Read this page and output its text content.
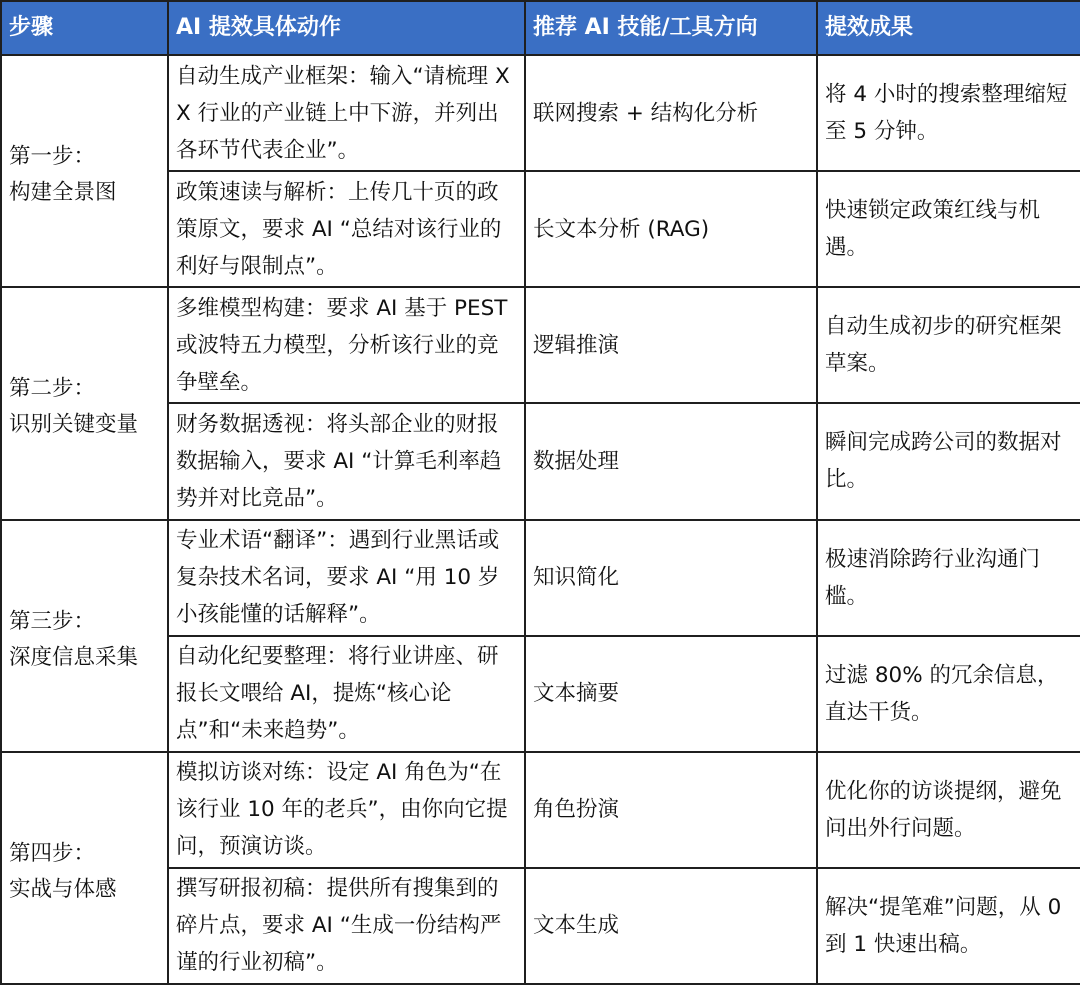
步骤	AI 提效具体动作	推荐 AI 技能/工具方向	提效成果

第一步：
构建全景图	自动生成产业框架：输入“请梳理 XX 行业的产业链上中下游，并列出各环节代表企业”。	联网搜索 + 结构化分析	将 4 小时的搜索整理缩短至 5 分钟。
	政策速读与解析：上传几十页的政策原文，要求 AI “总结对该行业的利好与限制点”。	长文本分析 (RAG)	快速锁定政策红线与机遇。

第二步：
识别关键变量	多维模型构建：要求 AI 基于 PEST 或波特五力模型，分析该行业的竞争壁垒。	逻辑推演	自动生成初步的研究框架草案。
	财务数据透视：将头部企业的财报数据输入，要求 AI “计算毛利率趋势并对比竞品”。	数据处理	瞬间完成跨公司的数据对比。

第三步：
深度信息采集	专业术语“翻译”：遇到行业黑话或复杂技术名词，要求 AI “用 10 岁小孩能懂的话解释”。	知识简化	极速消除跨行业沟通门槛。
	自动化纪要整理：将行业讲座、研报长文喂给 AI，提炼“核心论点”和“未来趋势”。	文本摘要	过滤 80% 的冗余信息，直达干货。

第四步：
实战与体感	模拟访谈对练：设定 AI 角色为“在该行业 10 年的老兵”，由你向它提问，预演访谈。	角色扮演	优化你的访谈提纲，避免问出外行问题。
	撰写研报初稿：提供所有搜集到的碎片点，要求 AI “生成一份结构严谨的行业初稿”。	文本生成	解决“提笔难”问题，从 0 到 1 快速出稿。
